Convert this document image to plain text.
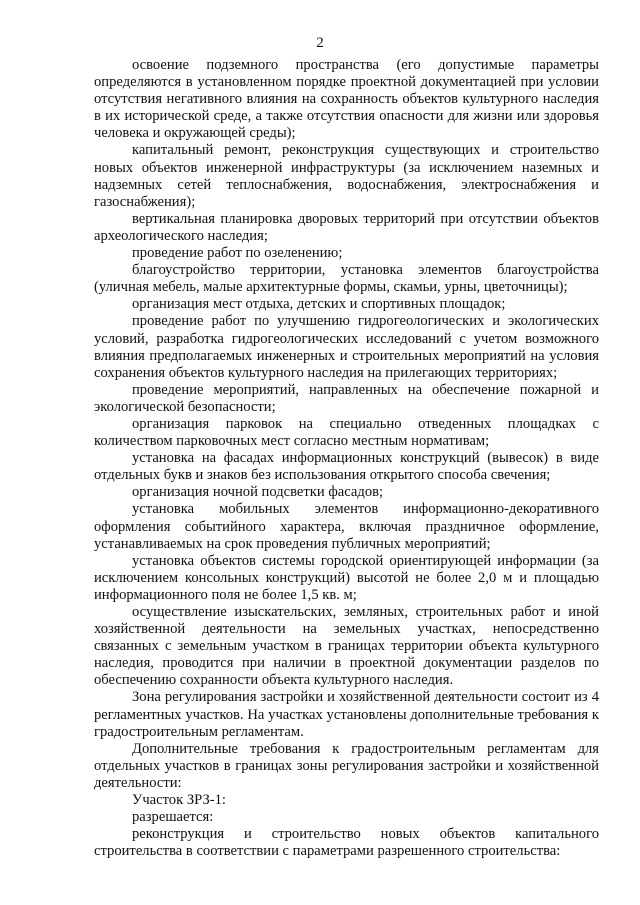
2

освоение подземного пространства (его допустимые параметры определяются в установленном порядке проектной документацией при условии отсутствия негативного влияния на сохранность объектов культурного наследия в их исторической среде, а также отсутствия опасности для жизни или здоровья человека и окружающей среды);

капитальный ремонт, реконструкция существующих и строительство новых объектов инженерной инфраструктуры (за исключением наземных и надземных сетей теплоснабжения, водоснабжения, электроснабжения и газоснабжения);

вертикальная планировка дворовых территорий при отсутствии объектов археологического наследия;

проведение работ по озеленению;

благоустройство территории, установка элементов благоустройства (уличная мебель, малые архитектурные формы, скамьи, урны, цветочницы);

организация мест отдыха, детских и спортивных площадок;

проведение работ по улучшению гидрогеологических и экологических условий, разработка гидрогеологических исследований с учетом возможного влияния предполагаемых инженерных и строительных мероприятий на условия сохранения объектов культурного наследия на прилегающих территориях;

проведение мероприятий, направленных на обеспечение пожарной и экологической безопасности;

организация парковок на специально отведенных площадках с количеством парковочных мест согласно местным нормативам;

установка на фасадах информационных конструкций (вывесок) в виде отдельных букв и знаков без использования открытого способа свечения;

организация ночной подсветки фасадов;

установка мобильных элементов информационно-декоративного оформления событийного характера, включая праздничное оформление, устанавливаемых на срок проведения публичных мероприятий;

установка объектов системы городской ориентирующей информации (за исключением консольных конструкций) высотой не более 2,0 м и площадью информационного поля не более 1,5 кв. м;

осуществление изыскательских, земляных, строительных работ и иной хозяйственной деятельности на земельных участках, непосредственно связанных с земельным участком в границах территории объекта культурного наследия, проводится при наличии в проектной документации разделов по обеспечению сохранности объекта культурного наследия.

Зона регулирования застройки и хозяйственной деятельности состоит из 4 регламентных участков. На участках установлены дополнительные требования к градостроительным регламентам.

Дополнительные требования к градостроительным регламентам для отдельных участков в границах зоны регулирования застройки и хозяйственной деятельности:

Участок ЗРЗ-1:

разрешается:

реконструкция и строительство новых объектов капитального строительства в соответствии с параметрами разрешенного строительства:
